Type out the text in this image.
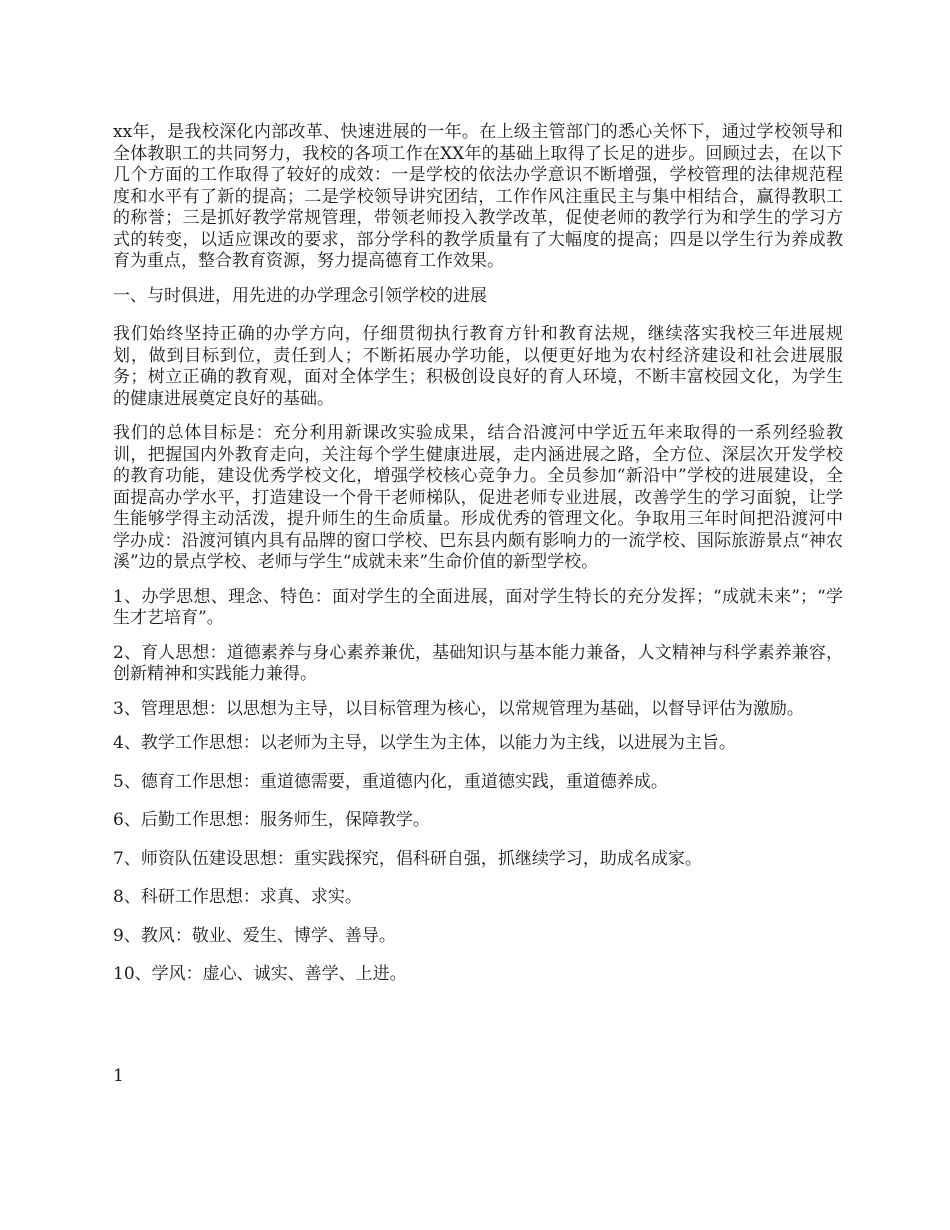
xx年，是我校深化内部改革、快速进展的一年。在上级主管部门的悉心关怀下，通过学校领导和全体教职工的共同努力，我校的各项工作在XX年的基础上取得了长足的进步。回顾过去，在以下几个方面的工作取得了较好的成效：一是学校的依法办学意识不断增强，学校管理的法律规范程度和水平有了新的提高；二是学校领导讲究团结，工作作风注重民主与集中相结合，赢得教职工的称誉；三是抓好教学常规管理，带领老师投入教学改革，促使老师的教学行为和学生的学习方式的转变，以适应课改的要求，部分学科的教学质量有了大幅度的提高；四是以学生行为养成教育为重点，整合教育资源，努力提高德育工作效果。

一、与时俱进，用先进的办学理念引领学校的进展

我们始终坚持正确的办学方向，仔细贯彻执行教育方针和教育法规，继续落实我校三年进展规划，做到目标到位，责任到人；不断拓展办学功能，以便更好地为农村经济建设和社会进展服务；树立正确的教育观，面对全体学生；积极创设良好的育人环境，不断丰富校园文化，为学生的健康进展奠定良好的基础。

我们的总体目标是：充分利用新课改实验成果，结合沿渡河中学近五年来取得的一系列经验教训，把握国内外教育走向，关注每个学生健康进展，走内涵进展之路，全方位、深层次开发学校的教育功能，建设优秀学校文化，增强学校核心竞争力。全员参加“新沿中”学校的进展建设，全面提高办学水平，打造建设一个骨干老师梯队，促进老师专业进展，改善学生的学习面貌，让学生能够学得主动活泼，提升师生的生命质量。形成优秀的管理文化。争取用三年时间把沿渡河中学办成：沿渡河镇内具有品牌的窗口学校、巴东县内颇有影响力的一流学校、国际旅游景点“神农溪”边的景点学校、老师与学生“成就未来”生命价值的新型学校。

1、办学思想、理念、特色：面对学生的全面进展，面对学生特长的充分发挥；“成就未来”；“学生才艺培育”。

2、育人思想：道德素养与身心素养兼优，基础知识与基本能力兼备，人文精神与科学素养兼容，创新精神和实践能力兼得。

3、管理思想：以思想为主导，以目标管理为核心，以常规管理为基础，以督导评估为激励。

4、教学工作思想：以老师为主导，以学生为主体，以能力为主线，以进展为主旨。

5、德育工作思想：重道德需要，重道德内化，重道德实践，重道德养成。

6、后勤工作思想：服务师生，保障教学。

7、师资队伍建设思想：重实践探究，倡科研自强，抓继续学习，助成名成家。

8、科研工作思想：求真、求实。

9、教风：敬业、爱生、博学、善导。

10、学风：虚心、诚实、善学、上进。

1
